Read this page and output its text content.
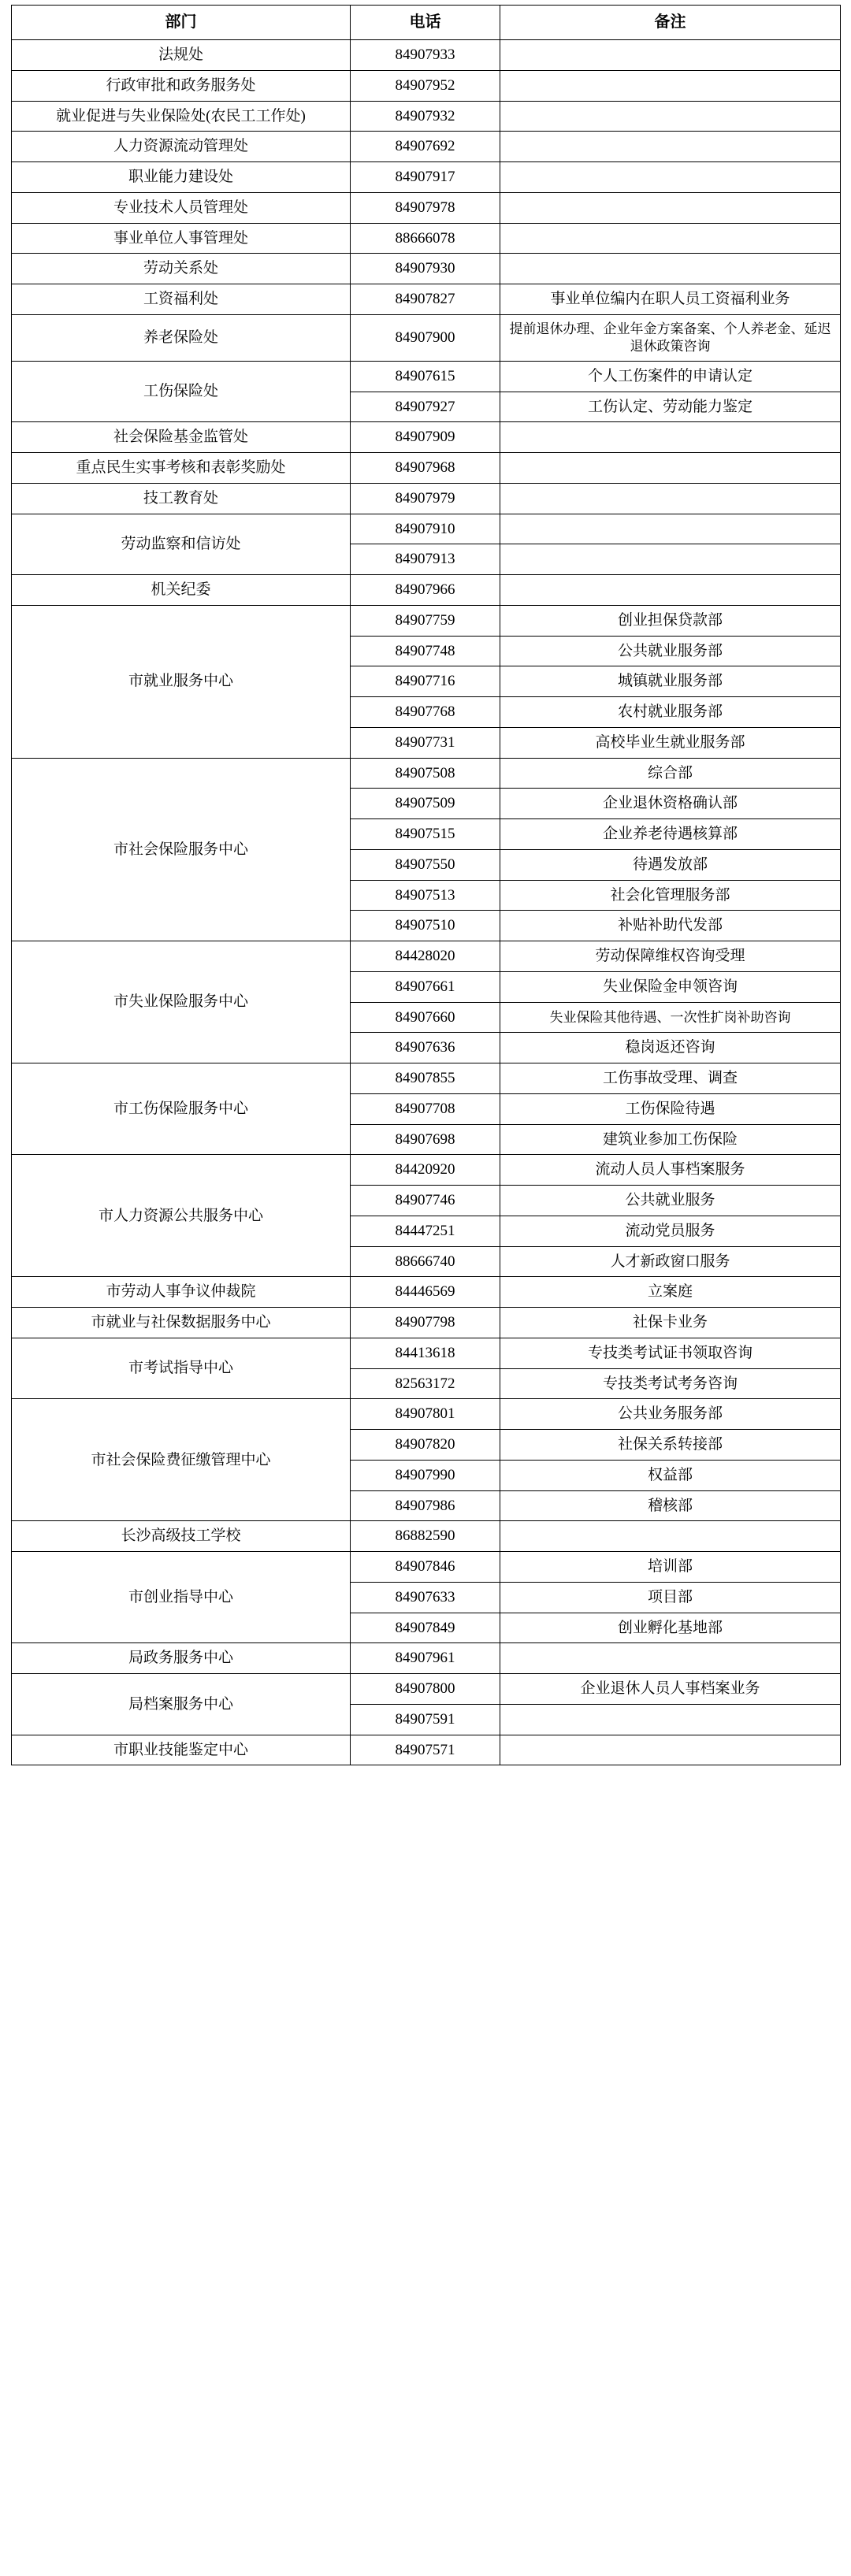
部门	电话	备注
法规处	84907933	
行政审批和政务服务处	84907952	
就业促进与失业保险处(农民工工作处)	84907932	
人力资源流动管理处	84907692	
职业能力建设处	84907917	
专业技术人员管理处	84907978	
事业单位人事管理处	88666078	
劳动关系处	84907930	
工资福利处	84907827	事业单位编内在职人员工资福利业务
养老保险处	84907900	提前退休办理、企业年金方案备案、个人养老金、延迟退休政策咨询
工伤保险处	84907615	个人工伤案件的申请认定
	84907927	工伤认定、劳动能力鉴定
社会保险基金监管处	84907909	
重点民生实事考核和表彰奖励处	84907968	
技工教育处	84907979	
劳动监察和信访处	84907910	
	84907913	
机关纪委	84907966	
市就业服务中心	84907759	创业担保贷款部
	84907748	公共就业服务部
	84907716	城镇就业服务部
	84907768	农村就业服务部
	84907731	高校毕业生就业服务部
市社会保险服务中心	84907508	综合部
	84907509	企业退休资格确认部
	84907515	企业养老待遇核算部
	84907550	待遇发放部
	84907513	社会化管理服务部
	84907510	补贴补助代发部
市失业保险服务中心	84428020	劳动保障维权咨询受理
	84907661	失业保险金申领咨询
	84907660	失业保险其他待遇、一次性扩岗补助咨询
	84907636	稳岗返还咨询
市工伤保险服务中心	84907855	工伤事故受理、调查
	84907708	工伤保险待遇
	84907698	建筑业参加工伤保险
市人力资源公共服务中心	84420920	流动人员人事档案服务
	84907746	公共就业服务
	84447251	流动党员服务
	88666740	人才新政窗口服务
市劳动人事争议仲裁院	84446569	立案庭
市就业与社保数据服务中心	84907798	社保卡业务
市考试指导中心	84413618	专技类考试证书领取咨询
	82563172	专技类考试考务咨询
市社会保险费征缴管理中心	84907801	公共业务服务部
	84907820	社保关系转接部
	84907990	权益部
	84907986	稽核部
长沙高级技工学校	86882590	
市创业指导中心	84907846	培训部
	84907633	项目部
	84907849	创业孵化基地部
局政务服务中心	84907961	
局档案服务中心	84907800	企业退休人员人事档案业务
	84907591	
市职业技能鉴定中心	84907571	
